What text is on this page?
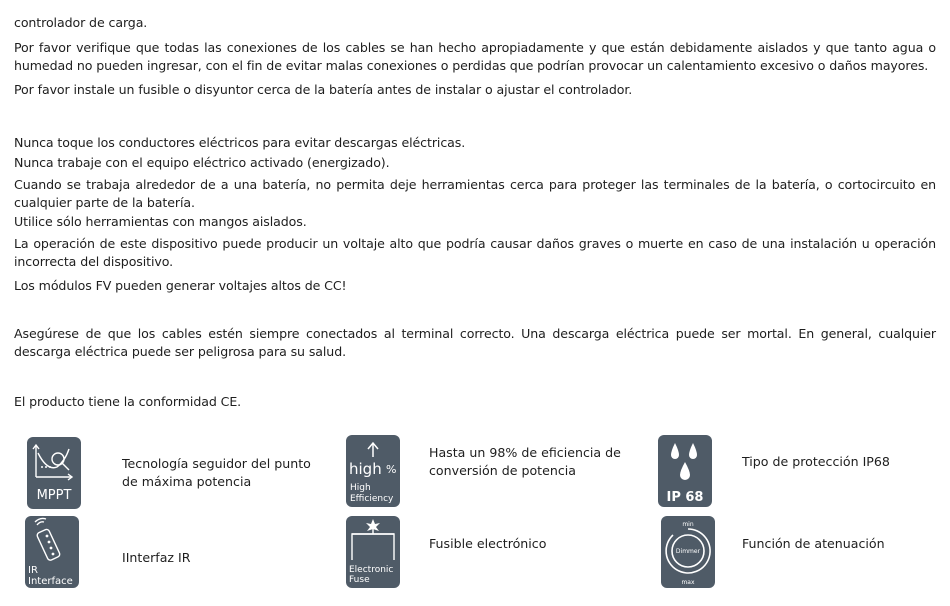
controlador de carga.

Por favor verifique que todas las conexiones de los cables se han hecho apropiadamente y que están debidamente aislados y que tanto agua o humedad no pueden ingresar, con el fin de evitar malas conexiones o perdidas que podrían provocar un calentamiento excesivo o daños mayores.

Por favor instale un fusible o disyuntor cerca de la batería antes de instalar o ajustar el controlador.

Nunca toque los conductores eléctricos para evitar descargas eléctricas.

Nunca trabaje con el equipo eléctrico activado (energizado).

Cuando se trabaja alrededor de a una batería, no permita deje herramientas cerca para proteger las terminales de la batería, o cortocircuito en cualquier parte de la batería.

Utilice sólo herramientas con mangos aislados.

La operación de este dispositivo puede producir un voltaje alto que podría causar daños graves o muerte en caso de una instalación u operación incorrecta del dispositivo.

Los módulos FV pueden generar voltajes altos de CC!

Asegúrese de que los cables estén siempre conectados al terminal correcto. Una descarga eléctrica puede ser mortal. En general, cualquier descarga eléctrica puede ser peligrosa para su salud.

El producto tiene la conformidad CE.

MPPT
Tecnología seguidor del punto de máxima potencia
high %
High
Efficiency
Hasta un 98% de eficiencia de conversión de potencia
IP 68
Tipo de protección IP68
IR
Interface
IInterfaz IR
Electronic
Fuse
Fusible electrónico
min
Dimmer
max
Función de atenuación
